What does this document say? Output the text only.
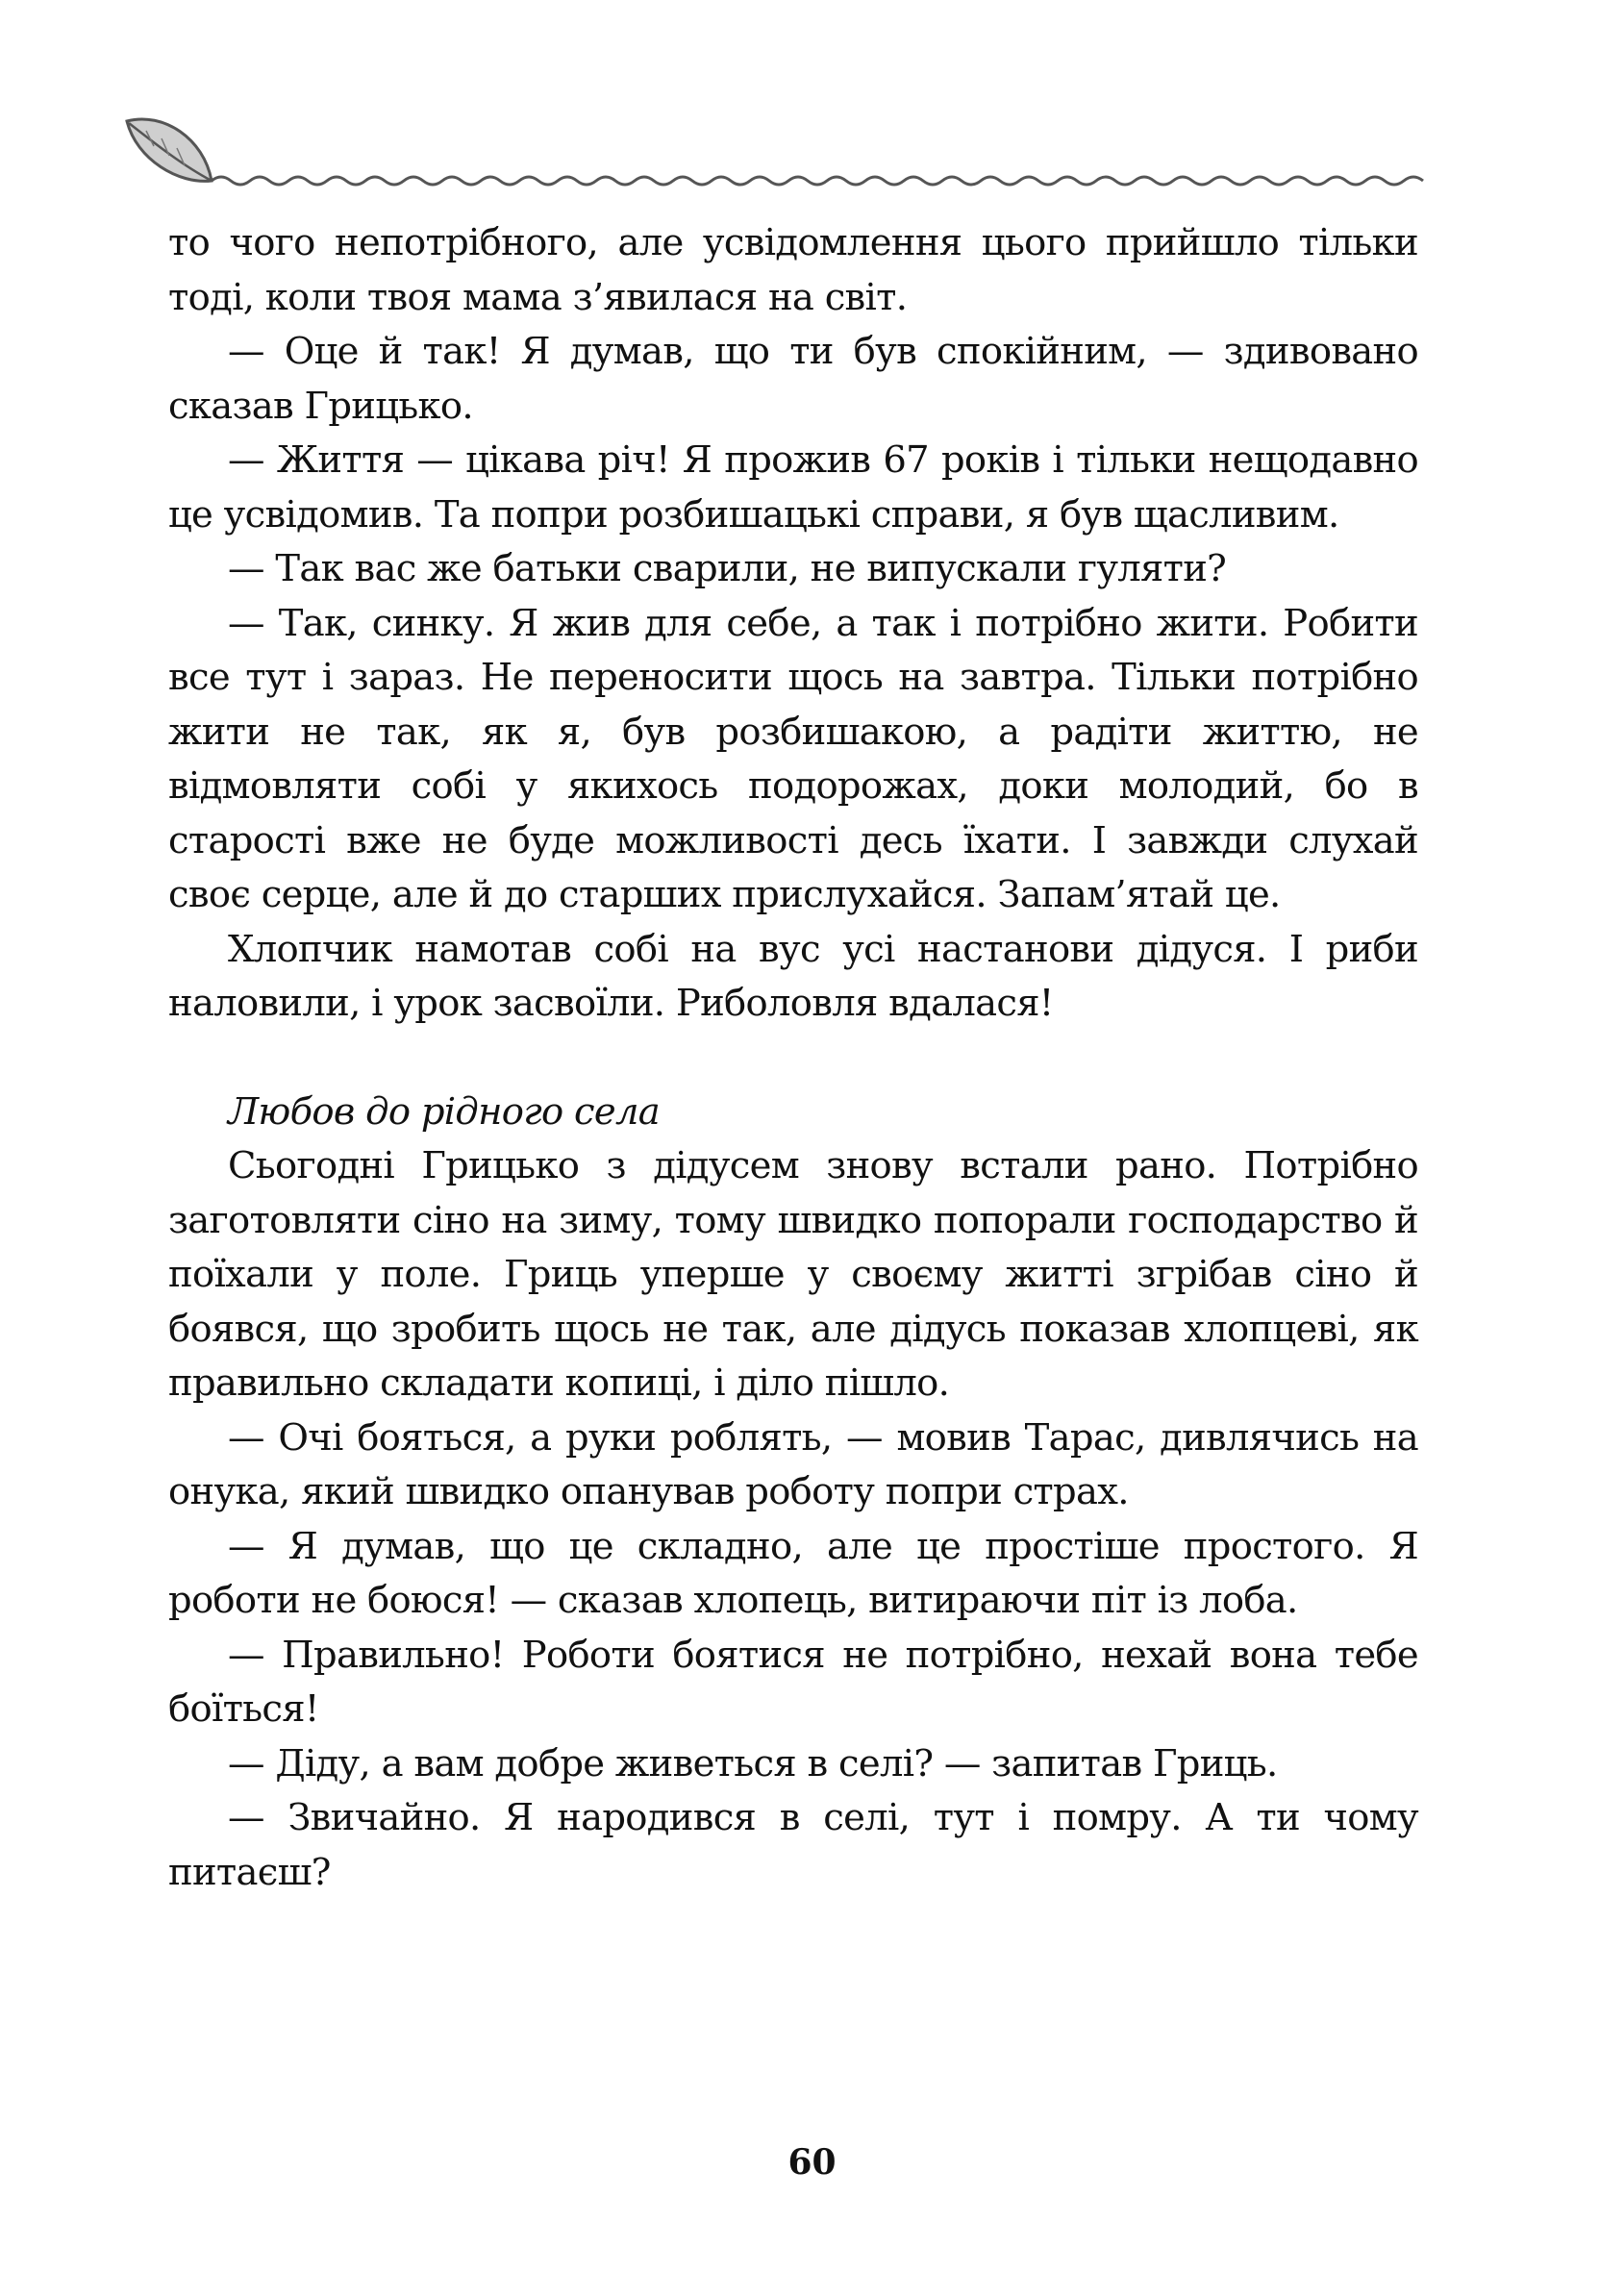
то чого непотрібного, але усвідомлення цього прийшло тільки тоді, коли твоя мама з’явилася на світ.

— Оце й так! Я думав, що ти був спокійним, — здивовано сказав Грицько.

— Життя — цікава річ! Я прожив 67 років і тільки нещодавно це усвідомив. Та попри розбишацькі справи, я був щасливим.

— Так вас же батьки сварили, не випускали гуляти?

— Так, синку. Я жив для себе, а так і потрібно жити. Робити все тут і зараз. Не переносити щось на завтра. Тільки потрібно жити не так, як я, був розбишакою, а радіти життю, не відмовляти собі у якихось подорожах, доки молодий, бо в старості вже не буде можливості десь їхати. І завжди слухай своє серце, але й до старших прислухайся. Запам’ятай це.

Хлопчик намотав собі на вус усі настанови дідуся. І риби наловили, і урок засвоїли. Риболовля вдалася!

Любов до рідного села

Сьогодні Грицько з дідусем знову встали рано. Потрібно заготовляти сіно на зиму, тому швидко попорали господарство й поїхали у поле. Гриць уперше у своєму житті згрібав сіно й боявся, що зробить щось не так, але дідусь показав хлопцеві, як правильно складати копиці, і діло пішло.

— Очі бояться, а руки роблять, — мовив Тарас, дивлячись на онука, який швидко опанував роботу попри страх.

— Я думав, що це складно, але це простіше простого. Я роботи не боюся! — сказав хлопець, витираючи піт із лоба.

— Правильно! Роботи боятися не потрібно, нехай вона тебе боїться!

— Діду, а вам добре живеться в селі? — запитав Гриць.

— Звичайно. Я народився в селі, тут і помру. А ти чому питаєш?

60
